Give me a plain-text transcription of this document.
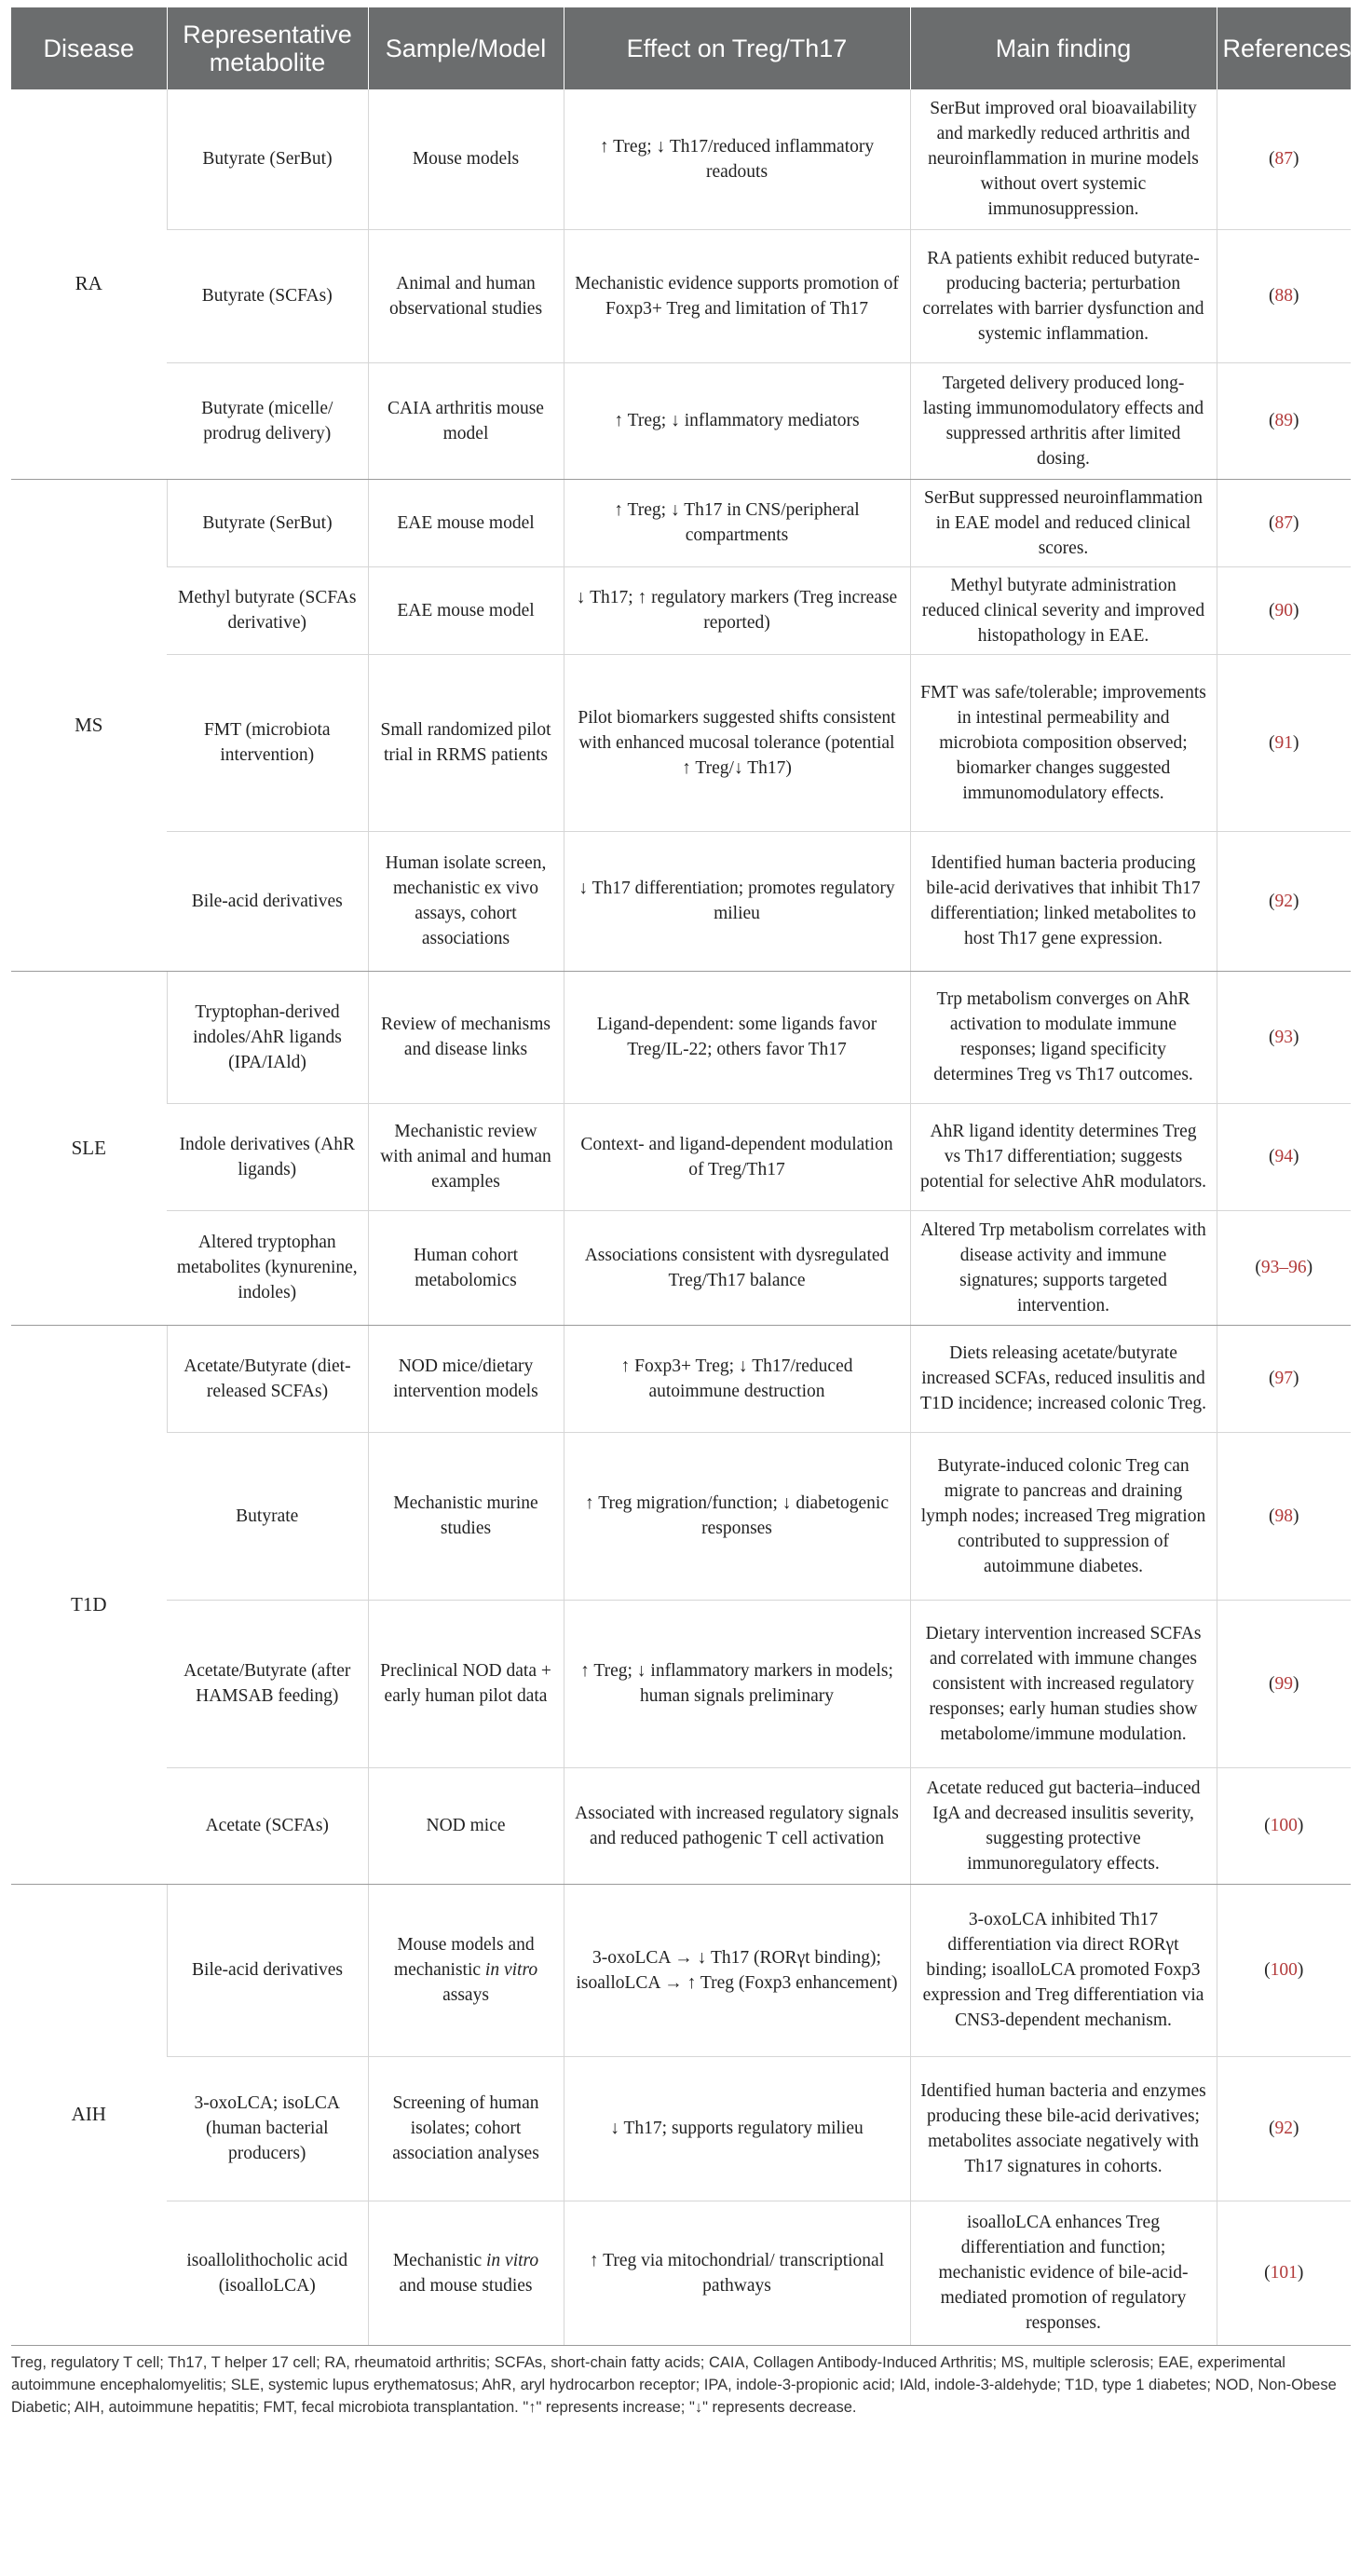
Disease	Representative metabolite	Sample/Model	Effect on Treg/Th17	Main finding	References
RA	Butyrate (SerBut)	Mouse models	↑ Treg; ↓ Th17/reduced inflammatory readouts	SerBut improved oral bioavailability and markedly reduced arthritis and neuroinflammation in murine models without overt systemic immunosuppression.	(87)
	Butyrate (SCFAs)	Animal and human observational studies	Mechanistic evidence supports promotion of Foxp3+ Treg and limitation of Th17	RA patients exhibit reduced butyrate-producing bacteria; perturbation correlates with barrier dysfunction and systemic inflammation.	(88)
	Butyrate (micelle/ prodrug delivery)	CAIA arthritis mouse model	↑ Treg; ↓ inflammatory mediators	Targeted delivery produced long-lasting immunomodulatory effects and suppressed arthritis after limited dosing.	(89)
MS	Butyrate (SerBut)	EAE mouse model	↑ Treg; ↓ Th17 in CNS/peripheral compartments	SerBut suppressed neuroinflammation in EAE model and reduced clinical scores.	(87)
	Methyl butyrate (SCFAs derivative)	EAE mouse model	↓ Th17; ↑ regulatory markers (Treg increase reported)	Methyl butyrate administration reduced clinical severity and improved histopathology in EAE.	(90)
	FMT (microbiota intervention)	Small randomized pilot trial in RRMS patients	Pilot biomarkers suggested shifts consistent with enhanced mucosal tolerance (potential ↑ Treg/↓ Th17)	FMT was safe/tolerable; improvements in intestinal permeability and microbiota composition observed; biomarker changes suggested immunomodulatory effects.	(91)
	Bile-acid derivatives	Human isolate screen, mechanistic ex vivo assays, cohort associations	↓ Th17 differentiation; promotes regulatory milieu	Identified human bacteria producing bile-acid derivatives that inhibit Th17 differentiation; linked metabolites to host Th17 gene expression.	(92)
SLE	Tryptophan-derived indoles/AhR ligands (IPA/IAld)	Review of mechanisms and disease links	Ligand-dependent: some ligands favor Treg/IL-22; others favor Th17	Trp metabolism converges on AhR activation to modulate immune responses; ligand specificity determines Treg vs Th17 outcomes.	(93)
	Indole derivatives (AhR ligands)	Mechanistic review with animal and human examples	Context- and ligand-dependent modulation of Treg/Th17	AhR ligand identity determines Treg vs Th17 differentiation; suggests potential for selective AhR modulators.	(94)
	Altered tryptophan metabolites (kynurenine, indoles)	Human cohort metabolomics	Associations consistent with dysregulated Treg/Th17 balance	Altered Trp metabolism correlates with disease activity and immune signatures; supports targeted intervention.	(93–96)
T1D	Acetate/Butyrate (diet-released SCFAs)	NOD mice/dietary intervention models	↑ Foxp3+ Treg; ↓ Th17/reduced autoimmune destruction	Diets releasing acetate/butyrate increased SCFAs, reduced insulitis and T1D incidence; increased colonic Treg.	(97)
	Butyrate	Mechanistic murine studies	↑ Treg migration/function; ↓ diabetogenic responses	Butyrate-induced colonic Treg can migrate to pancreas and draining lymph nodes; increased Treg migration contributed to suppression of autoimmune diabetes.	(98)
	Acetate/Butyrate (after HAMSAB feeding)	Preclinical NOD data + early human pilot data	↑ Treg; ↓ inflammatory markers in models; human signals preliminary	Dietary intervention increased SCFAs and correlated with immune changes consistent with increased regulatory responses; early human studies show metabolome/immune modulation.	(99)
	Acetate (SCFAs)	NOD mice	Associated with increased regulatory signals and reduced pathogenic T cell activation	Acetate reduced gut bacteria–induced IgA and decreased insulitis severity, suggesting protective immunoregulatory effects.	(100)
AIH	Bile-acid derivatives	Mouse models and mechanistic in vitro assays	3-oxoLCA → ↓ Th17 (RORγt binding); isoalloLCA → ↑ Treg (Foxp3 enhancement)	3-oxoLCA inhibited Th17 differentiation via direct RORγt binding; isoalloLCA promoted Foxp3 expression and Treg differentiation via CNS3-dependent mechanism.	(100)
	3-oxoLCA; isoLCA (human bacterial producers)	Screening of human isolates; cohort association analyses	↓ Th17; supports regulatory milieu	Identified human bacteria and enzymes producing these bile-acid derivatives; metabolites associate negatively with Th17 signatures in cohorts.	(92)
	isoallolithocholic acid (isoalloLCA)	Mechanistic in vitro and mouse studies	↑ Treg via mitochondrial/ transcriptional pathways	isoalloLCA enhances Treg differentiation and function; mechanistic evidence of bile-acid-mediated promotion of regulatory responses.	(101)
Treg, regulatory T cell; Th17, T helper 17 cell; RA, rheumatoid arthritis; SCFAs, short-chain fatty acids; CAIA, Collagen Antibody-Induced Arthritis; MS, multiple sclerosis; EAE, experimental autoimmune encephalomyelitis; SLE, systemic lupus erythematosus; AhR, aryl hydrocarbon receptor; IPA, indole-3-propionic acid; IAld, indole-3-aldehyde; T1D, type 1 diabetes; NOD, Non-Obese Diabetic; AIH, autoimmune hepatitis; FMT, fecal microbiota transplantation. "↑" represents increase; "↓" represents decrease.
